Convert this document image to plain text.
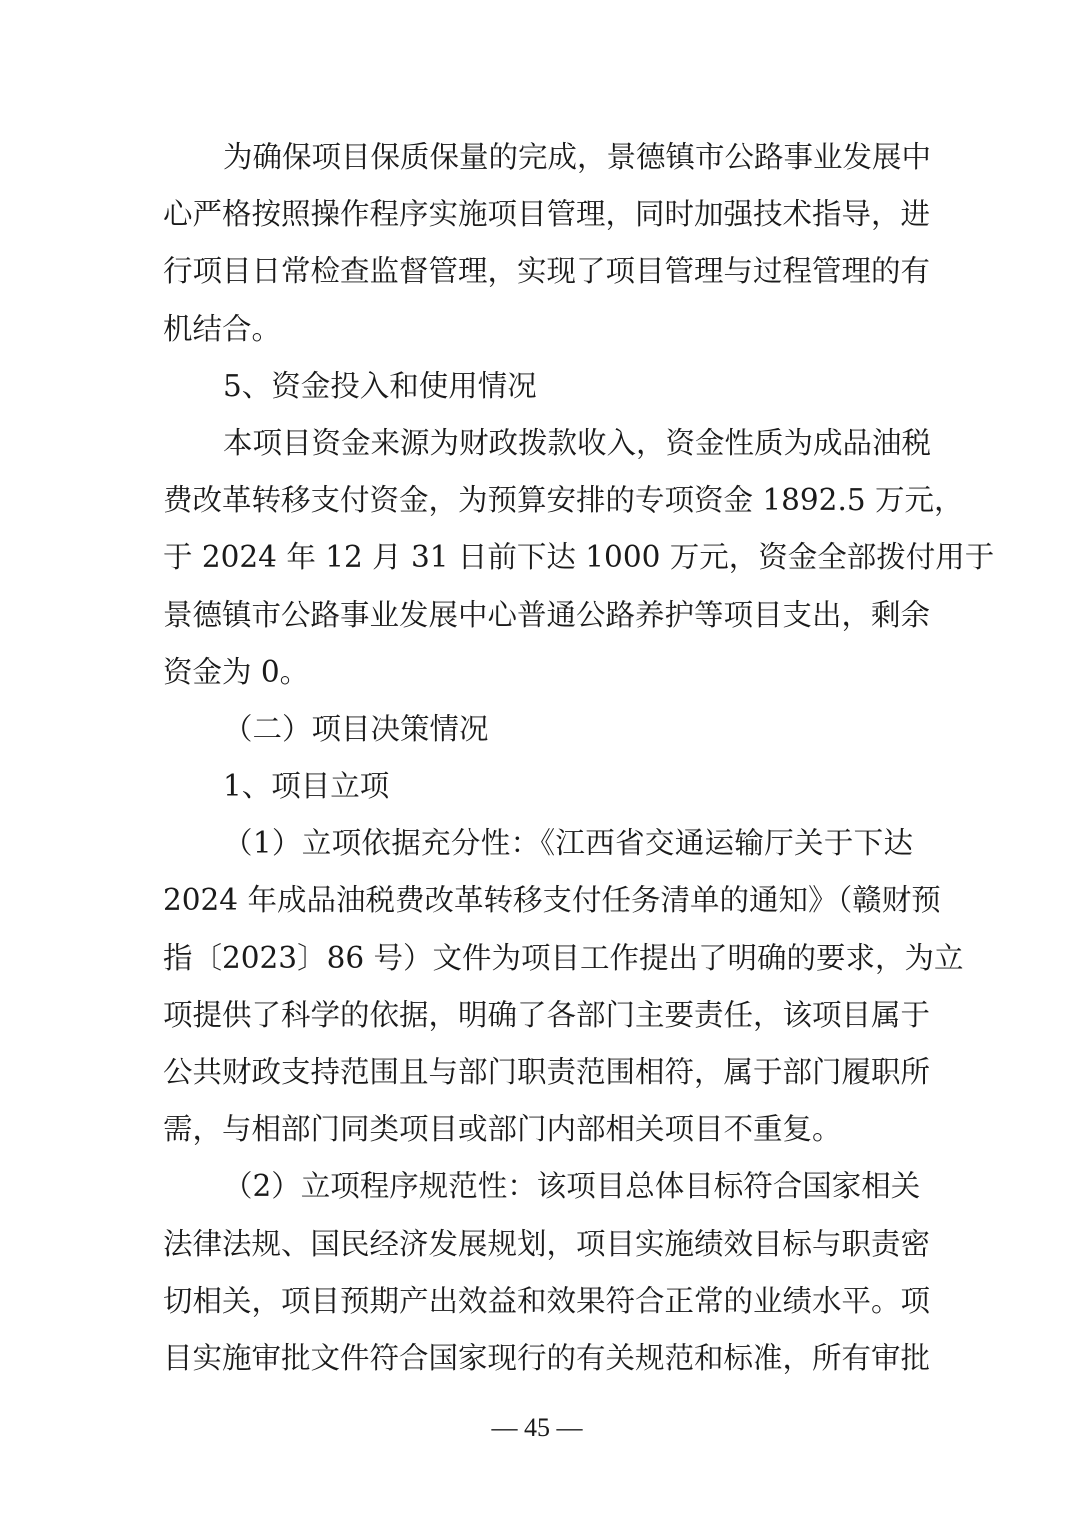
为确保项目保质保量的完成，景德镇市公路事业发展中
心严格按照操作程序实施项目管理，同时加强技术指导，进
行项目日常检查监督管理，实现了项目管理与过程管理的有
机结合。
5、资金投入和使用情况
本项目资金来源为财政拨款收入，资金性质为成品油税
费改革转移支付资金，为预算安排的专项资金 1892.5 万元，
于 2024 年 12 月 31 日前下达 1000 万元，资金全部拨付用于
景德镇市公路事业发展中心普通公路养护等项目支出，剩余
资金为 0。
（二）项目决策情况
1、项目立项
（1）立项依据充分性：《江西省交通运输厅关于下达
2024 年成品油税费改革转移支付任务清单的通知》（赣财预
指〔2023〕86 号）文件为项目工作提出了明确的要求，为立
项提供了科学的依据，明确了各部门主要责任，该项目属于
公共财政支持范围且与部门职责范围相符，属于部门履职所
需，与相部门同类项目或部门内部相关项目不重复。
（2）立项程序规范性：该项目总体目标符合国家相关
法律法规、国民经济发展规划，项目实施绩效目标与职责密
切相关，项目预期产出效益和效果符合正常的业绩水平。项
目实施审批文件符合国家现行的有关规范和标准，所有审批
— 45 —
